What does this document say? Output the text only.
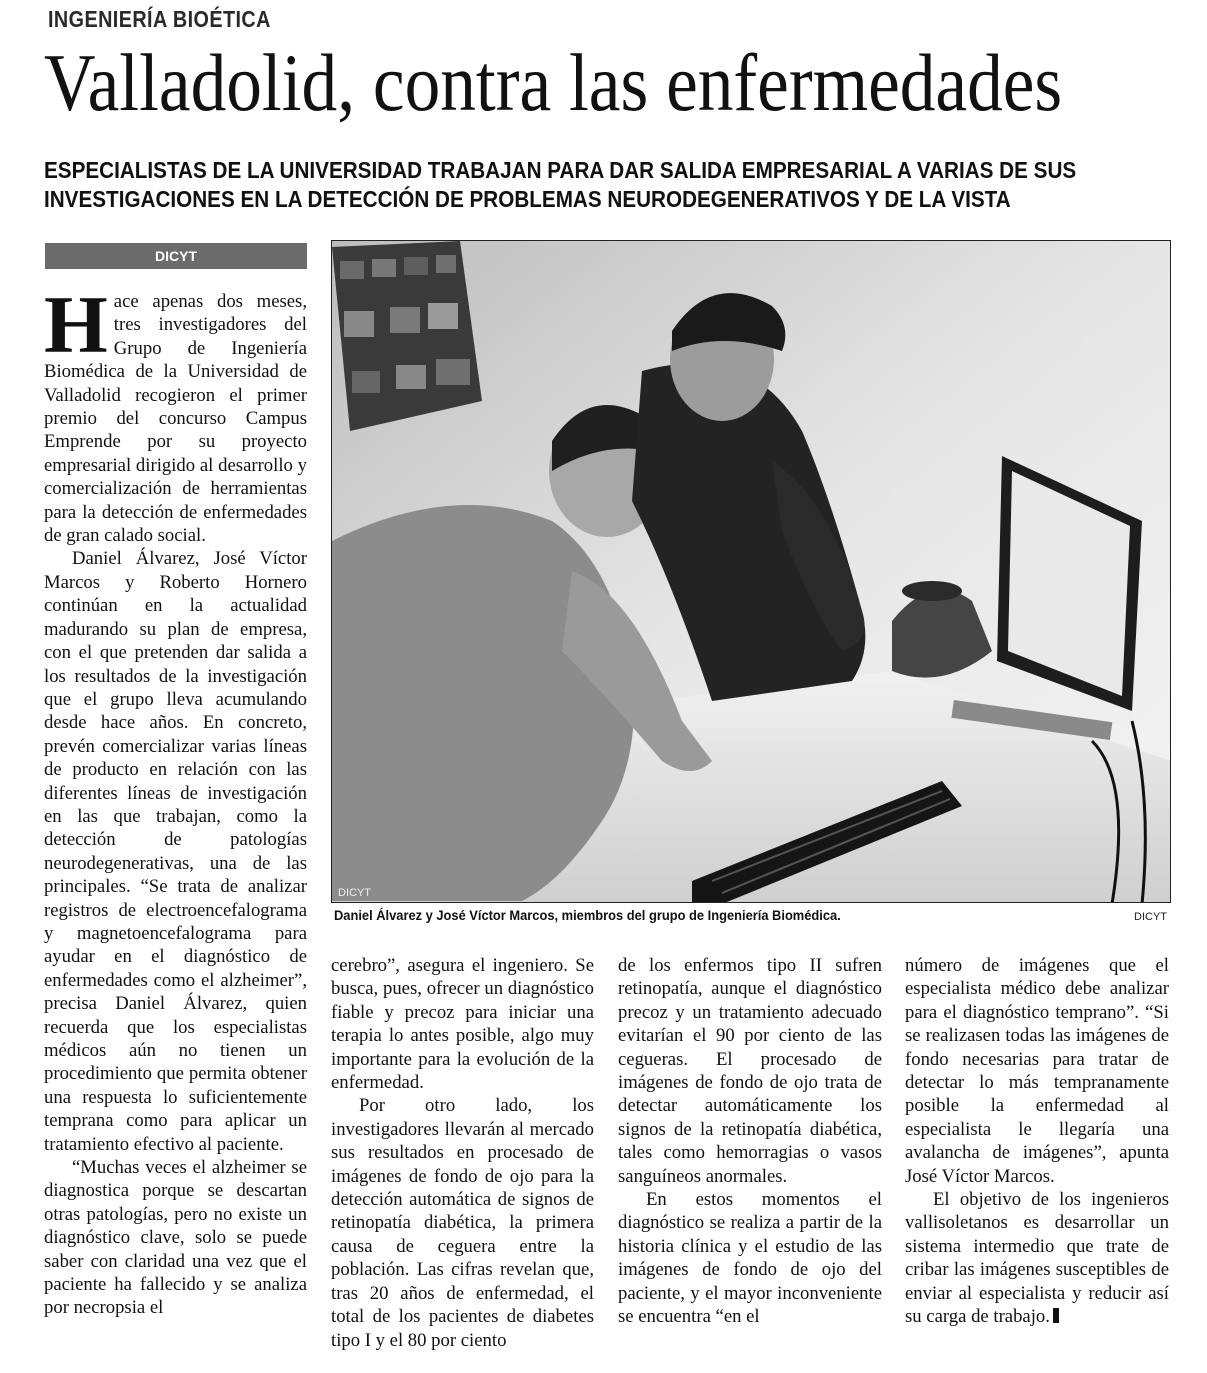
INGENIERÍA BIOÉTICA
Valladolid, contra las enfermedades
ESPECIALISTAS DE LA UNIVERSIDAD TRABAJAN PARA DAR SALIDA EMPRESARIAL A VARIAS DE SUS INVESTIGACIONES EN LA DETECCIÓN DE PROBLEMAS NEURODEGENERATIVOS Y DE LA VISTA
DICYT
DICYT
Daniel Álvarez y José Víctor Marcos, miembros del grupo de Ingeniería Biomédica.	DICYT

Hace apenas dos meses, tres investigadores del Grupo de Ingeniería Biomédica de la Universidad de Valladolid recogieron el primer premio del concurso Campus Emprende por su proyecto empresarial dirigido al desarrollo y comercialización de herramientas para la detección de enfermedades de gran calado social.

Daniel Álvarez, José Víctor Marcos y Roberto Hornero continúan en la actualidad madurando su plan de empresa, con el que pretenden dar salida a los resultados de la investigación que el grupo lleva acumulando desde hace años. En concreto, prevén comercializar varias líneas de producto en relación con las diferentes líneas de investigación en las que trabajan, como la detección de patologías neurodegenerativas, una de las principales. “Se trata de analizar registros de electroencefalograma y magnetoencefalograma para ayudar en el diagnóstico de enfermedades como el alzheimer”, precisa Daniel Álvarez, quien recuerda que los especialistas médicos aún no tienen un procedimiento que permita obtener una respuesta lo suficientemente temprana como para aplicar un tratamiento efectivo al paciente.

“Muchas veces el alzheimer se diagnostica porque se descartan otras patologías, pero no existe un diagnóstico clave, solo se puede saber con claridad una vez que el paciente ha fallecido y se analiza por necropsia el

cerebro”, asegura el ingeniero. Se busca, pues, ofrecer un diagnóstico fiable y precoz para iniciar una terapia lo antes posible, algo muy importante para la evolución de la enfermedad.

Por otro lado, los investigadores llevarán al mercado sus resultados en procesado de imágenes de fondo de ojo para la detección automática de signos de retinopatía diabética, la primera causa de ceguera entre la población. Las cifras revelan que, tras 20 años de enfermedad, el total de los pacientes de diabetes tipo I y el 80 por ciento

de los enfermos tipo II sufren retinopatía, aunque el diagnóstico precoz y un tratamiento adecuado evitarían el 90 por ciento de las cegueras. El procesado de imágenes de fondo de ojo trata de detectar automáticamente los signos de la retinopatía diabética, tales como hemorragias o vasos sanguíneos anormales.

En estos momentos el diagnóstico se realiza a partir de la historia clínica y el estudio de las imágenes de fondo de ojo del paciente, y el mayor inconveniente se encuentra “en el

número de imágenes que el especialista médico debe analizar para el diagnóstico temprano”. “Si se realizasen todas las imágenes de fondo necesarias para tratar de detectar lo más tempranamente posible la enfermedad al especialista le llegaría una avalancha de imágenes”, apunta José Víctor Marcos.

El objetivo de los ingenieros vallisoletanos es desarrollar un sistema intermedio que trate de cribar las imágenes susceptibles de enviar al especialista y reducir así su carga de trabajo.
